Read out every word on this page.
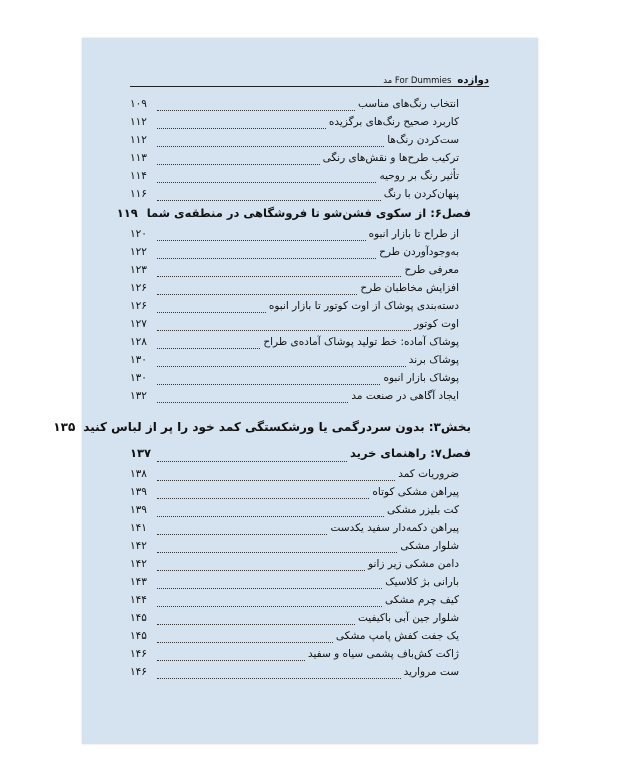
دوازده
For Dummies مد
انتخاب رنگ‌های مناسب
۱۰۹
کاربرد صحیح رنگ‌های برگزیده
۱۱۲
ست‌کردن رنگ‌ها
۱۱۲
ترکیب طرح‌ها و نقش‌های رنگی
۱۱۳
تأثیر رنگ بر روحیه
۱۱۴
پنهان‌کردن با رنگ
۱۱۶
فصل۶: از سکوی فشن‌شو تا فروشگاهی در منطقه‌ی شما
۱۱۹
از طراح تا بازار انبوه
۱۲۰
به‌وجودآوردن طرح
۱۲۲
معرفی طرح
۱۲۳
افزایش مخاطبان طرح
۱۲۶
دسته‌بندی پوشاک از اوت کوتور تا بازار انبوه
۱۲۶
اوت کوتور
۱۲۷
پوشاک آماده: خط تولید پوشاک آماده‌ی طراح
۱۲۸
پوشاک برند
۱۳۰
پوشاک بازار انبوه
۱۳۰
ایجاد آگاهی در صنعت مد
۱۳۲
بخش۳: بدون سردرگمی یا ورشکستگی کمد خود را پر از لباس کنید
۱۳۵
فصل۷: راهنمای خرید
۱۳۷
ضروریات کمد
۱۳۸
پیراهن مشکی کوتاه
۱۳۹
کت بلیزر مشکی
۱۳۹
پیراهن دکمه‌دار سفید یکدست
۱۴۱
شلوار مشکی
۱۴۲
دامن مشکی زیر زانو
۱۴۲
بارانی بژ کلاسیک
۱۴۳
کیف چرم مشکی
۱۴۴
شلوار جین آبی باکیفیت
۱۴۵
یک جفت کفش پامپ مشکی
۱۴۵
ژاکت کش‌باف پشمی سیاه و سفید
۱۴۶
ست مروارید
۱۴۶
